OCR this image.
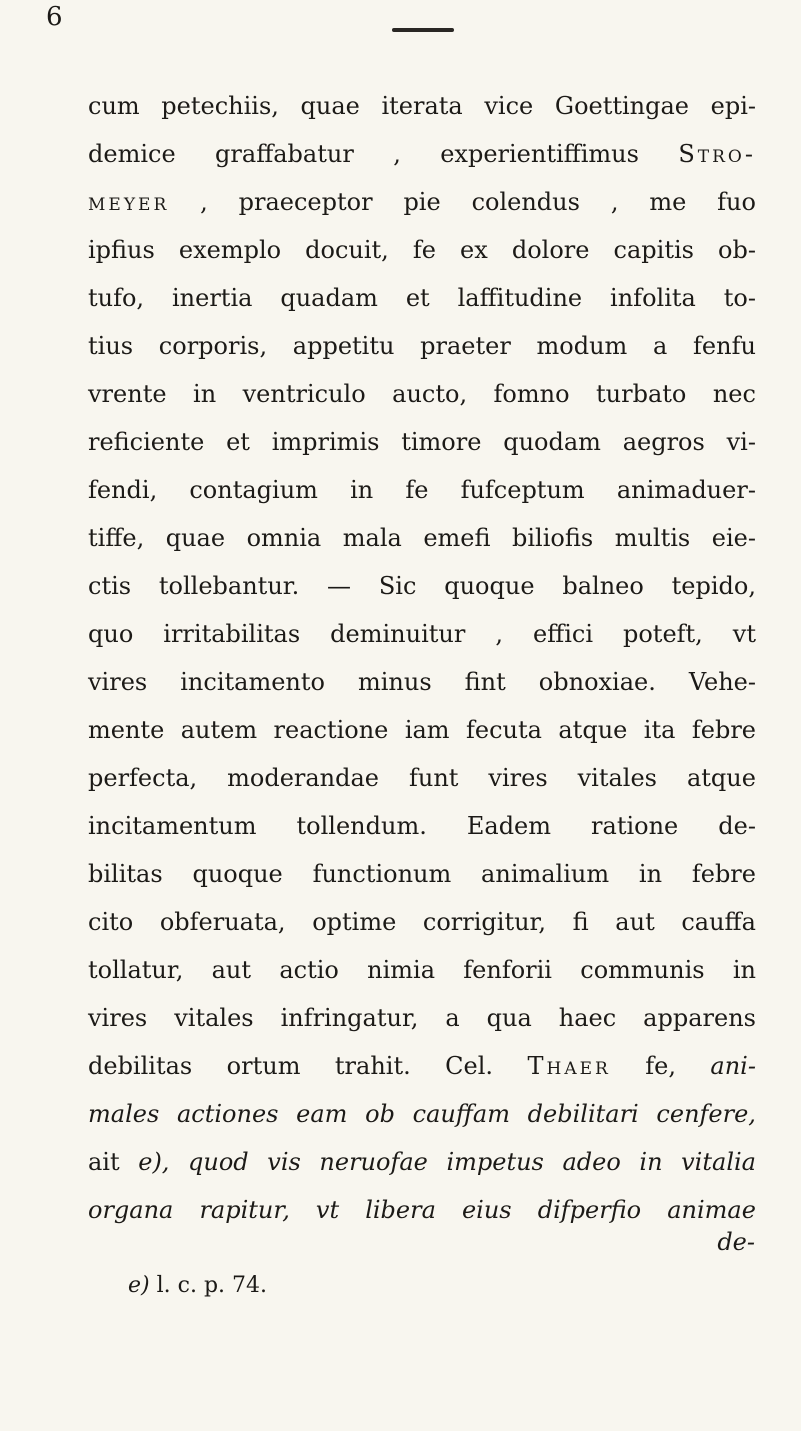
6
cum petechiis, quae iterata vice Goettingae epi-
demice graffabatur , experientiffimus Stro-
meyer , praeceptor pie colendus , me fuo
ipfius exemplo docuit, fe ex dolore capitis ob-
tufo, inertia quadam et laffitudine infolita to-
tius corporis, appetitu praeter modum a fenfu
vrente in ventriculo aucto, fomno turbato nec
reficiente et imprimis timore quodam aegros vi-
fendi, contagium in fe fufceptum animaduer-
tiffe, quae omnia mala emefi biliofis multis eie-
ctis tollebantur. — Sic quoque balneo tepido,
quo irritabilitas deminuitur , effici poteft, vt
vires incitamento minus fint obnoxiae. Vehe-
mente autem reactione iam fecuta atque ita febre
perfecta, moderandae funt vires vitales atque
incitamentum tollendum. Eadem ratione de-
bilitas quoque functionum animalium in febre
cito obferuata, optime corrigitur, fi aut cauffa
tollatur, aut actio nimia fenforii communis in
vires vitales infringatur, a qua haec apparens
debilitas ortum trahit. Cel. Thaer fe, ani-
males actiones eam ob cauffam debilitari cenfere,
ait e), quod vis neruofae impetus adeo in vitalia
organa rapitur, vt libera eius difperfio animae
de-
e) l. c. p. 74.
